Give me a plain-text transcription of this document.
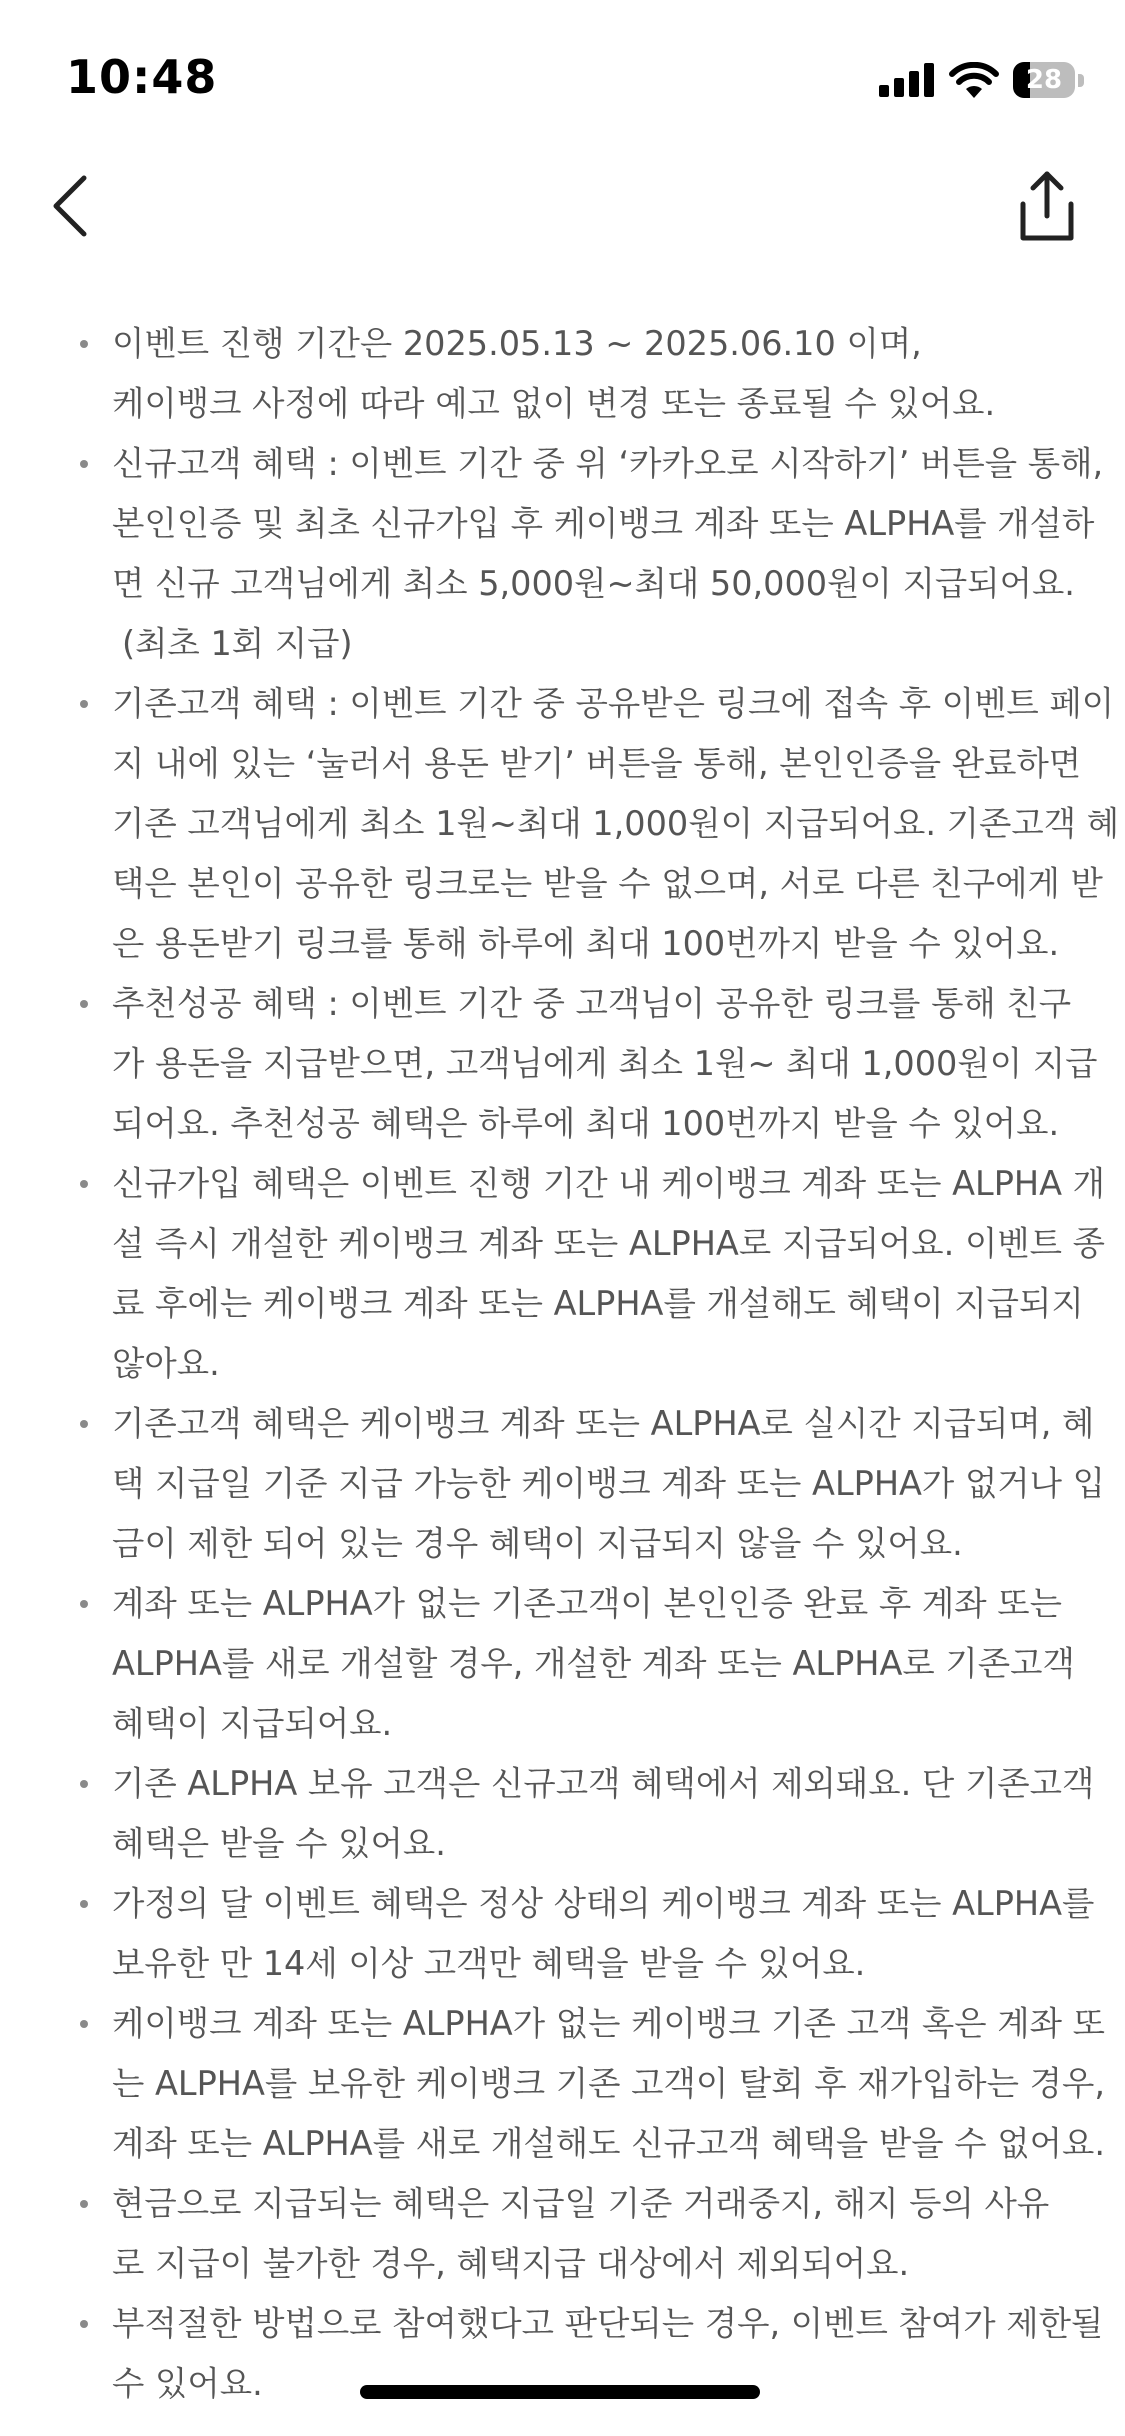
10:48	28
이벤트 진행 기간은 2025.05.13 ~ 2025.06.10 이며,
케이뱅크 사정에 따라 예고 없이 변경 또는 종료될 수 있어요.
신규고객 혜택 : 이벤트 기간 중 위 ‘카카오로 시작하기’ 버튼을 통해,
본인인증 및 최초 신규가입 후 케이뱅크 계좌 또는 ALPHA를 개설하
면 신규 고객님에게 최소 5,000원~최대 50,000원이 지급되어요.
(최초 1회 지급)
기존고객 혜택 : 이벤트 기간 중 공유받은 링크에 접속 후 이벤트 페이
지 내에 있는 ‘눌러서 용돈 받기’ 버튼을 통해, 본인인증을 완료하면
기존 고객님에게 최소 1원~최대 1,000원이 지급되어요. 기존고객 혜
택은 본인이 공유한 링크로는 받을 수 없으며, 서로 다른 친구에게 받
은 용돈받기 링크를 통해 하루에 최대 100번까지 받을 수 있어요.
추천성공 혜택 : 이벤트 기간 중 고객님이 공유한 링크를 통해 친구
가 용돈을 지급받으면, 고객님에게 최소 1원~ 최대 1,000원이 지급
되어요. 추천성공 혜택은 하루에 최대 100번까지 받을 수 있어요.
신규가입 혜택은 이벤트 진행 기간 내 케이뱅크 계좌 또는 ALPHA 개
설 즉시 개설한 케이뱅크 계좌 또는 ALPHA로 지급되어요. 이벤트 종
료 후에는 케이뱅크 계좌 또는 ALPHA를 개설해도 혜택이 지급되지
않아요.
기존고객 혜택은 케이뱅크 계좌 또는 ALPHA로 실시간 지급되며, 혜
택 지급일 기준 지급 가능한 케이뱅크 계좌 또는 ALPHA가 없거나 입
금이 제한 되어 있는 경우 혜택이 지급되지 않을 수 있어요.
계좌 또는 ALPHA가 없는 기존고객이 본인인증 완료 후 계좌 또는
ALPHA를 새로 개설할 경우, 개설한 계좌 또는 ALPHA로 기존고객
혜택이 지급되어요.
기존 ALPHA 보유 고객은 신규고객 혜택에서 제외돼요. 단 기존고객
혜택은 받을 수 있어요.
가정의 달 이벤트 혜택은 정상 상태의 케이뱅크 계좌 또는 ALPHA를
보유한 만 14세 이상 고객만 혜택을 받을 수 있어요.
케이뱅크 계좌 또는 ALPHA가 없는 케이뱅크 기존 고객 혹은 계좌 또
는 ALPHA를 보유한 케이뱅크 기존 고객이 탈회 후 재가입하는 경우,
계좌 또는 ALPHA를 새로 개설해도 신규고객 혜택을 받을 수 없어요.
현금으로 지급되는 혜택은 지급일 기준 거래중지, 해지 등의 사유
로 지급이 불가한 경우, 혜택지급 대상에서 제외되어요.
부적절한 방법으로 참여했다고 판단되는 경우, 이벤트 참여가 제한될
수 있어요.
